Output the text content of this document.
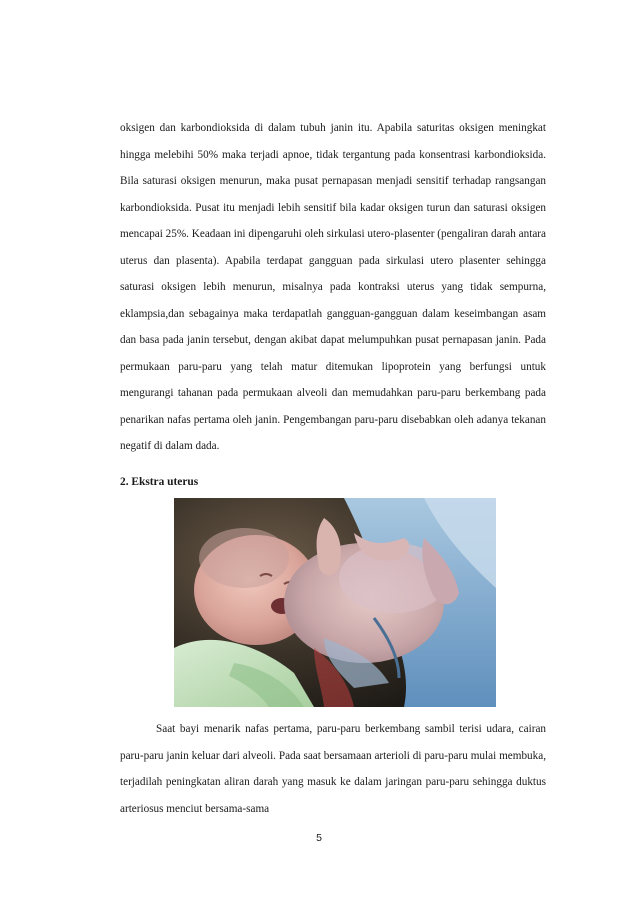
oksigen dan karbondioksida di dalam tubuh janin itu. Apabila saturitas oksigen meningkat hingga melebihi 50% maka terjadi apnoe, tidak tergantung pada konsentrasi karbondioksida. Bila saturasi oksigen menurun, maka pusat pernapasan menjadi sensitif terhadap rangsangan karbondioksida. Pusat itu menjadi lebih sensitif bila kadar oksigen turun dan saturasi oksigen mencapai 25%. Keadaan ini dipengaruhi oleh sirkulasi utero-plasenter (pengaliran darah antara uterus dan plasenta). Apabila terdapat gangguan pada sirkulasi utero plasenter sehingga saturasi oksigen lebih menurun, misalnya pada kontraksi uterus yang tidak sempurna, eklampsia,dan sebagainya maka terdapatlah gangguan-gangguan dalam keseimbangan asam dan basa pada janin tersebut, dengan akibat dapat melumpuhkan pusat pernapasan janin. Pada permukaan paru-paru yang telah matur ditemukan lipoprotein yang berfungsi untuk mengurangi tahanan pada permukaan alveoli dan memudahkan paru-paru berkembang pada penarikan nafas pertama oleh janin. Pengembangan paru-paru disebabkan oleh adanya tekanan negatif di dalam dada.

2. Ekstra uterus

Saat bayi menarik nafas pertama, paru-paru berkembang sambil terisi udara, cairan paru-paru janin keluar dari alveoli. Pada saat bersamaan arterioli di paru-paru mulai membuka, terjadilah peningkatan aliran darah yang masuk ke dalam jaringan paru-paru sehingga duktus arteriosus menciut bersama-sama

5
